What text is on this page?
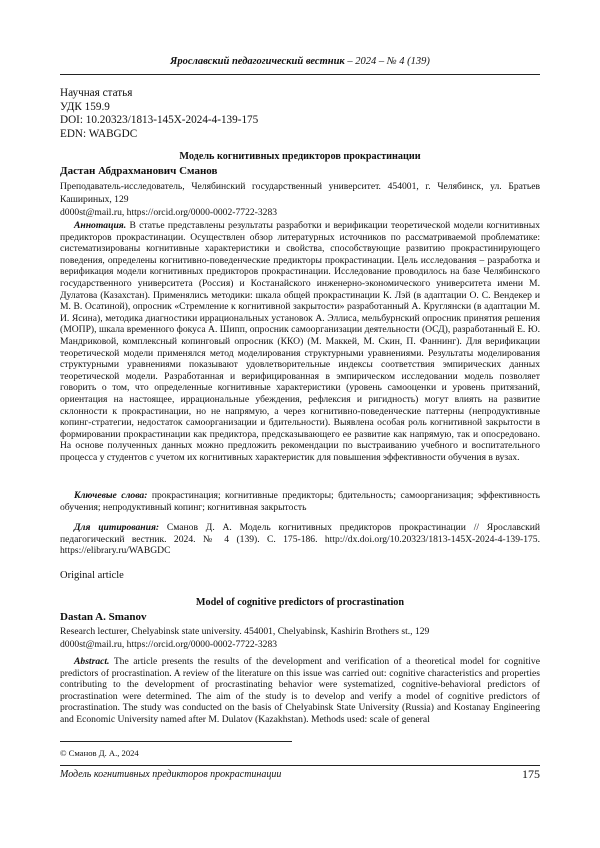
Ярославский педагогический вестник – 2024 – № 4 (139)
Научная статья
УДК 159.9
DOI: 10.20323/1813-145X-2024-4-139-175
EDN: WABGDC
Модель когнитивных предикторов прокрастинации
Дастан Абдрахманович Сманов
Преподаватель-исследователь, Челябинский государственный университет. 454001, г. Челябинск, ул. Братьев Кашириных, 129
d000st@mail.ru, https://orcid.org/0000-0002-7722-3283
Аннотация. В статье представлены результаты разработки и верификации теоретической модели когнитивных предикторов прокрастинации. Осуществлен обзор литературных источников по рассматриваемой проблематике: систематизированы когнитивные характеристики и свойства, способствующие развитию прокрастинирующего поведения, определены когнитивно-поведенческие предикторы прокрастинации. Цель исследования – разработка и верификация модели когнитивных предикторов прокрастинации. Исследование проводилось на базе Челябинского государственного университета (Россия) и Костанайского инженерно-экономического университета имени М. Дулатова (Казахстан). Применялись методики: шкала общей прокрастинации К. Лэй (в адаптации О. С. Вендекер и М. В. Осатиной), опросник «Стремление к когнитивной закрытости» разработанный А. Круглянски (в адаптации М. И. Ясина), методика диагностики иррациональных установок А. Эллиса, мельбурнский опросник принятия решения (МОПР), шкала временного фокуса А. Шипп, опросник самоорганизации деятельности (ОСД), разработанный Е. Ю. Мандриковой, комплексный копинговый опросник (ККО) (М. Маккей, М. Скин, П. Фаннинг). Для верификации теоретической модели применялся метод моделирования структурными уравнениями. Результаты моделирования структурными уравнениями показывают удовлетворительные индексы соответствия эмпирических данных теоретической модели. Разработанная и верифицированная в эмпирическом исследовании модель позволяет говорить о том, что определенные когнитивные характеристики (уровень самооценки и уровень притязаний, ориентация на настоящее, иррациональные убеждения, рефлексия и ригидность) могут влиять на развитие склонности к прокрастинации, но не напрямую, а через когнитивно-поведенческие паттерны (непродуктивные копинг-стратегии, недостаток самоорганизации и бдительности). Выявлена особая роль когнитивной закрытости в формировании прокрастинации как предиктора, предсказывающего ее развитие как напрямую, так и опосредовано. На основе полученных данных можно предложить рекомендации по выстраиванию учебного и воспитательного процесса у студентов с учетом их когнитивных характеристик для повышения эффективности обучения в вузах.
Ключевые слова: прокрастинация; когнитивные предикторы; бдительность; самоорганизация; эффективность обучения; непродуктивный копинг; когнитивная закрытость
Для цитирования: Сманов Д. А. Модель когнитивных предикторов прокрастинации // Ярославский педагогический вестник. 2024. № 4 (139). С. 175-186. http://dx.doi.org/10.20323/1813-145X-2024-4-139-175. https://elibrary.ru/WABGDC
Original article
Model of cognitive predictors of procrastination
Dastan A. Smanov
Research lecturer, Chelyabinsk state university. 454001, Chelyabinsk, Kashirin Brothers st., 129
d000st@mail.ru, https://orcid.org/0000-0002-7722-3283
Abstract. The article presents the results of the development and verification of a theoretical model for cognitive predictors of procrastination. A review of the literature on this issue was carried out: cognitive characteristics and properties contributing to the development of procrastinating behavior were systematized, cognitive-behavioral predictors of procrastination were determined. The aim of the study is to develop and verify a model of cognitive predictors of procrastination. The study was conducted on the basis of Chelyabinsk State University (Russia) and Kostanay Engineering and Economic University named after M. Dulatov (Kazakhstan). Methods used: scale of general
© Сманов Д. А., 2024
Модель когнитивных предикторов прокрастинации	175
